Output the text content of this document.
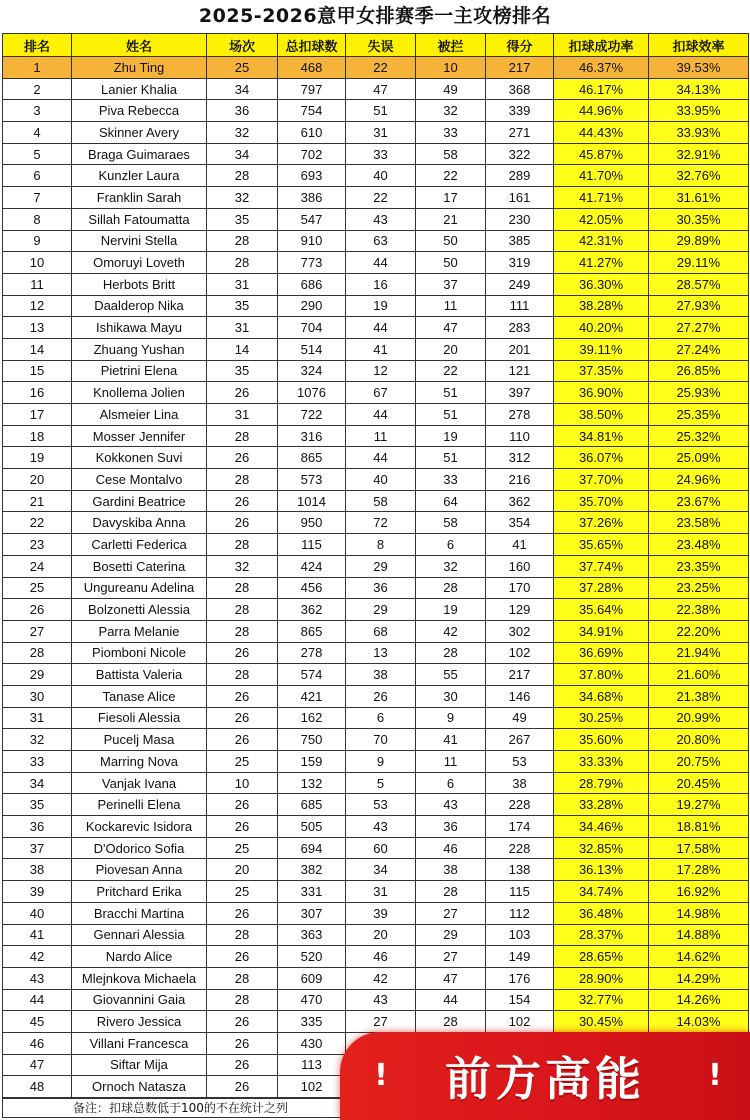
2025-2026意甲女排赛季一主攻榜排名
排名	姓名	场次	总扣球数	失误	被拦	得分	扣球成功率	扣球效率
1	Zhu Ting	25	468	22	10	217	46.37%	39.53%
2	Lanier Khalia	34	797	47	49	368	46.17%	34.13%
3	Piva Rebecca	36	754	51	32	339	44.96%	33.95%
4	Skinner Avery	32	610	31	33	271	44.43%	33.93%
5	Braga Guimaraes	34	702	33	58	322	45.87%	32.91%
6	Kunzler Laura	28	693	40	22	289	41.70%	32.76%
7	Franklin Sarah	32	386	22	17	161	41.71%	31.61%
8	Sillah Fatoumatta	35	547	43	21	230	42.05%	30.35%
9	Nervini Stella	28	910	63	50	385	42.31%	29.89%
10	Omoruyi Loveth	28	773	44	50	319	41.27%	29.11%
11	Herbots Britt	31	686	16	37	249	36.30%	28.57%
12	Daalderop Nika	35	290	19	11	111	38.28%	27.93%
13	Ishikawa Mayu	31	704	44	47	283	40.20%	27.27%
14	Zhuang Yushan	14	514	41	20	201	39.11%	27.24%
15	Pietrini Elena	35	324	12	22	121	37.35%	26.85%
16	Knollema Jolien	26	1076	67	51	397	36.90%	25.93%
17	Alsmeier Lina	31	722	44	51	278	38.50%	25.35%
18	Mosser Jennifer	28	316	11	19	110	34.81%	25.32%
19	Kokkonen Suvi	26	865	44	51	312	36.07%	25.09%
20	Cese Montalvo	28	573	40	33	216	37.70%	24.96%
21	Gardini Beatrice	26	1014	58	64	362	35.70%	23.67%
22	Davyskiba Anna	26	950	72	58	354	37.26%	23.58%
23	Carletti Federica	28	115	8	6	41	35.65%	23.48%
24	Bosetti Caterina	32	424	29	32	160	37.74%	23.35%
25	Ungureanu Adelina	28	456	36	28	170	37.28%	23.25%
26	Bolzonetti Alessia	28	362	29	19	129	35.64%	22.38%
27	Parra Melanie	28	865	68	42	302	34.91%	22.20%
28	Piomboni Nicole	26	278	13	28	102	36.69%	21.94%
29	Battista Valeria	28	574	38	55	217	37.80%	21.60%
30	Tanase Alice	26	421	26	30	146	34.68%	21.38%
31	Fiesoli Alessia	26	162	6	9	49	30.25%	20.99%
32	Pucelj Masa	26	750	70	41	267	35.60%	20.80%
33	Marring Nova	25	159	9	11	53	33.33%	20.75%
34	Vanjak Ivana	10	132	5	6	38	28.79%	20.45%
35	Perinelli Elena	26	685	53	43	228	33.28%	19.27%
36	Kockarevic Isidora	26	505	43	36	174	34.46%	18.81%
37	D'Odorico Sofia	25	694	60	46	228	32.85%	17.58%
38	Piovesan Anna	20	382	34	38	138	36.13%	17.28%
39	Pritchard Erika	25	331	31	28	115	34.74%	16.92%
40	Bracchi Martina	26	307	39	27	112	36.48%	14.98%
41	Gennari Alessia	28	363	20	29	103	28.37%	14.88%
42	Nardo Alice	26	520	46	27	149	28.65%	14.62%
43	Mlejnkova Michaela	28	609	42	47	176	28.90%	14.29%
44	Giovannini Gaia	28	470	43	44	154	32.77%	14.26%
45	Rivero Jessica	26	335	27	28	102	30.45%	14.03%
46	Villani Francesca	26	430					
47	Siftar Mija	26	113					
48	Ornoch Natasza	26	102					
备注：扣球总数低于100的不在统计之列
! 前方高能 !
